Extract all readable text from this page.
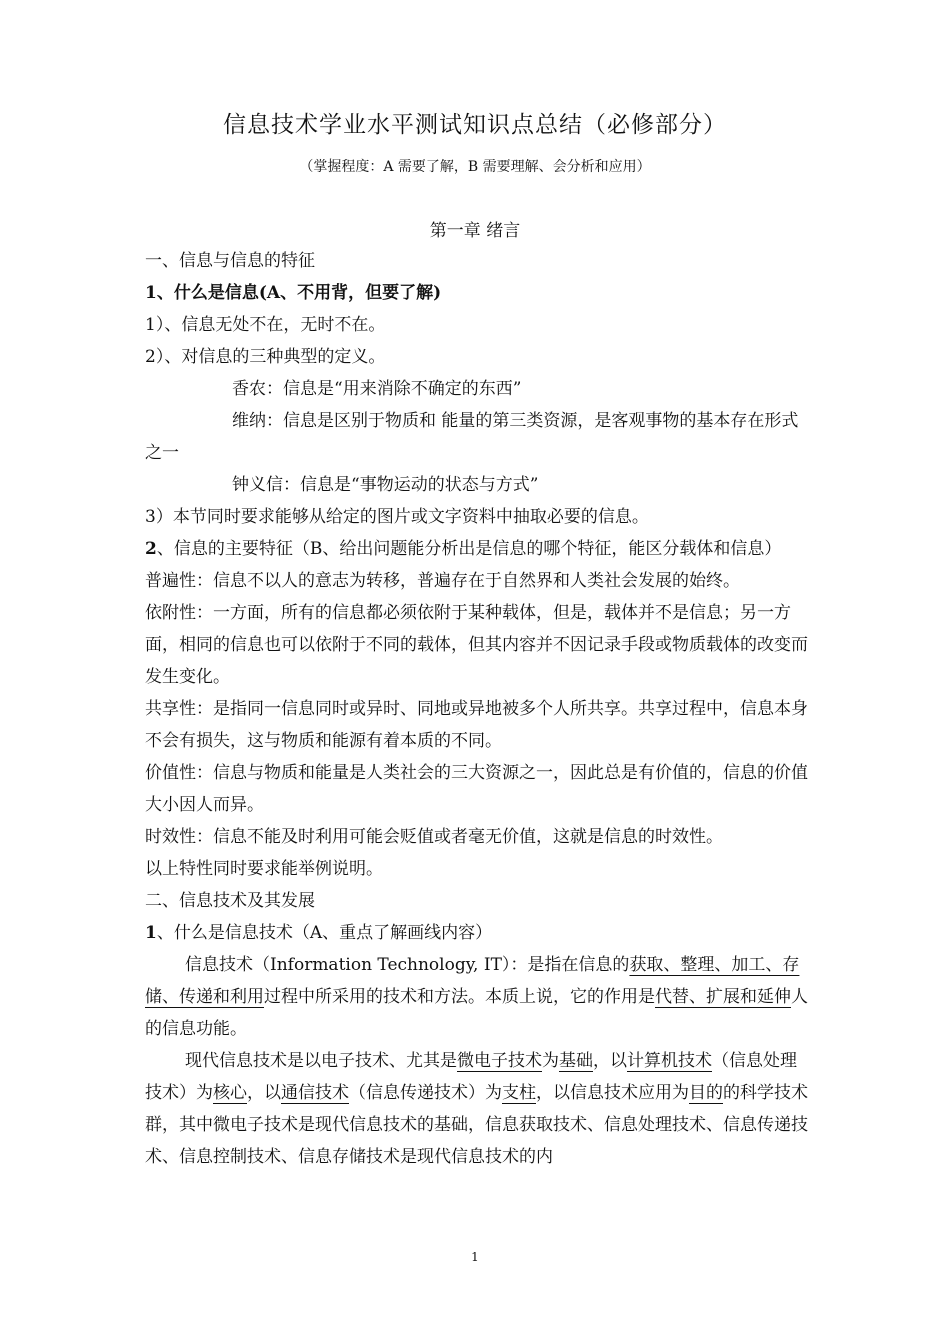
信息技术学业水平测试知识点总结（必修部分）
（掌握程度：A 需要了解，B 需要理解、会分析和应用）
第一章 绪言

一、信息与信息的特征

1、什么是信息(A、不用背，但要了解)

1）、信息无处不在，无时不在。

2）、对信息的三种典型的定义。

香农：信息是“用来消除不确定的东西”

维纳：信息是区别于物质和 能量的第三类资源，是客观事物的基本存在形式之一

钟义信：信息是“事物运动的状态与方式”

3）本节同时要求能够从给定的图片或文字资料中抽取必要的信息。

2、信息的主要特征（B、给出问题能分析出是信息的哪个特征，能区分载体和信息）

普遍性：信息不以人的意志为转移，普遍存在于自然界和人类社会发展的始终。

依附性：一方面，所有的信息都必须依附于某种载体，但是，载体并不是信息；另一方面，相同的信息也可以依附于不同的载体，但其内容并不因记录手段或物质载体的改变而发生变化。

共享性：是指同一信息同时或异时、同地或异地被多个人所共享。共享过程中，信息本身不会有损失，这与物质和能源有着本质的不同。

价值性：信息与物质和能量是人类社会的三大资源之一，因此总是有价值的，信息的价值大小因人而异。

时效性：信息不能及时利用可能会贬值或者毫无价值，这就是信息的时效性。

以上特性同时要求能举例说明。

二、信息技术及其发展

1、什么是信息技术（A、重点了解画线内容）

信息技术（Information Technology, IT）：是指在信息的获取、整理、加工、存储、传递和利用过程中所采用的技术和方法。本质上说，它的作用是代替、扩展和延伸人的信息功能。

现代信息技术是以电子技术、尤其是微电子技术为基础，以计算机技术（信息处理技术）为核心，以通信技术（信息传递技术）为支柱，以信息技术应用为目的的科学技术群，其中微电子技术是现代信息技术的基础，信息获取技术、信息处理技术、信息传递技术、信息控制技术、信息存储技术是现代信息技术的内

1
